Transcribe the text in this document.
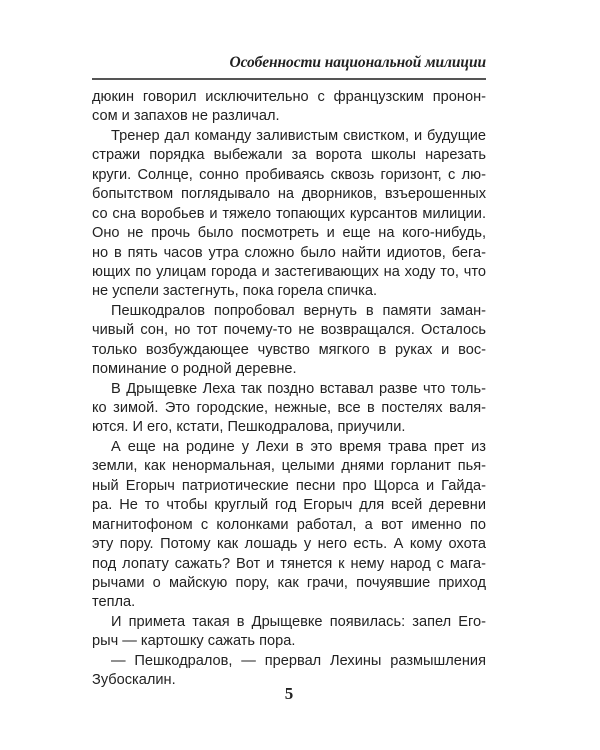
Особенности национальной милиции
дюкин говорил исключительно с французским пронон-
сом и запахов не различал.
Тренер дал команду заливистым свистком, и будущие
стражи порядка выбежали за ворота школы нарезать
круги. Солнце, сонно пробиваясь сквозь горизонт, с лю-
бопытством поглядывало на дворников, взъерошенных
со сна воробьев и тяжело топающих курсантов милиции.
Оно не прочь было посмотреть и еще на кого-нибудь,
но в пять часов утра сложно было найти идиотов, бега-
ющих по улицам города и застегивающих на ходу то, что
не успели застегнуть, пока горела спичка.
Пешкодралов попробовал вернуть в памяти заман-
чивый сон, но тот почему-то не возвращался. Осталось
только возбуждающее чувство мягкого в руках и вос-
поминание о родной деревне.
В Дрыщевке Леха так поздно вставал разве что толь-
ко зимой. Это городские, нежные, все в постелях валя-
ются. И его, кстати, Пешкодралова, приучили.
А еще на родине у Лехи в это время трава прет из
земли, как ненормальная, целыми днями горланит пья-
ный Егорыч патриотические песни про Щорса и Гайда-
ра. Не то чтобы круглый год Егорыч для всей деревни
магнитофоном с колонками работал, а вот именно по
эту пору. Потому как лошадь у него есть. А кому охота
под лопату сажать? Вот и тянется к нему народ с мага-
рычами о майскую пору, как грачи, почуявшие приход
тепла.
И примета такая в Дрыщевке появилась: запел Его-
рыч — картошку сажать пора.
— Пешкодралов, — прервал Лехины размышления
Зубоскалин.
5
